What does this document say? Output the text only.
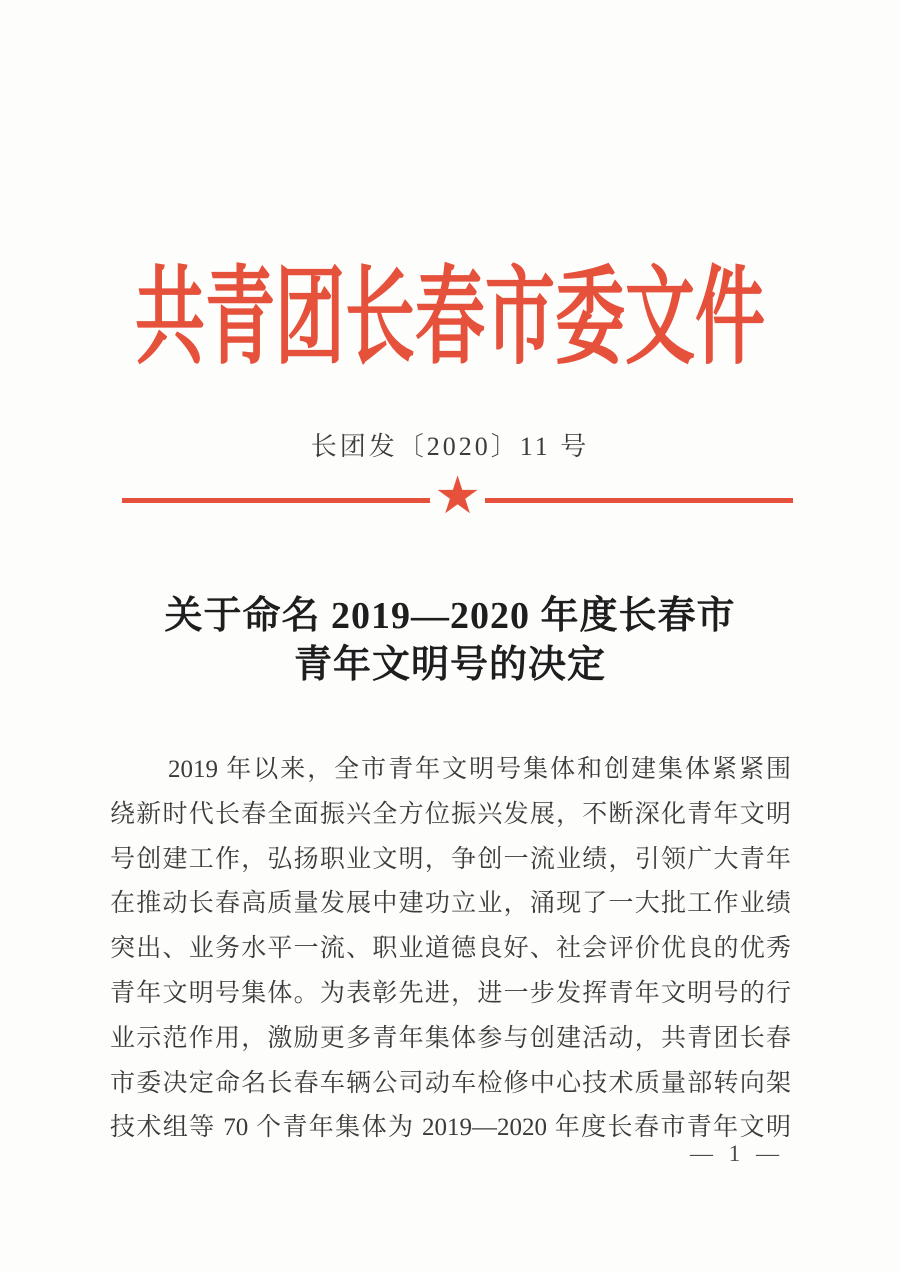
共青团长春市委文件
长团发〔2020〕11 号
★
关于命名 2019—2020 年度长春市
青年文明号的决定
2019 年以来，全市青年文明号集体和创建集体紧紧围
绕新时代长春全面振兴全方位振兴发展，不断深化青年文明
号创建工作，弘扬职业文明，争创一流业绩，引领广大青年
在推动长春高质量发展中建功立业，涌现了一大批工作业绩
突出、业务水平一流、职业道德良好、社会评价优良的优秀
青年文明号集体。为表彰先进，进一步发挥青年文明号的行
业示范作用，激励更多青年集体参与创建活动，共青团长春
市委决定命名长春车辆公司动车检修中心技术质量部转向架
技术组等 70 个青年集体为 2019—2020 年度长春市青年文明
— 1 —
